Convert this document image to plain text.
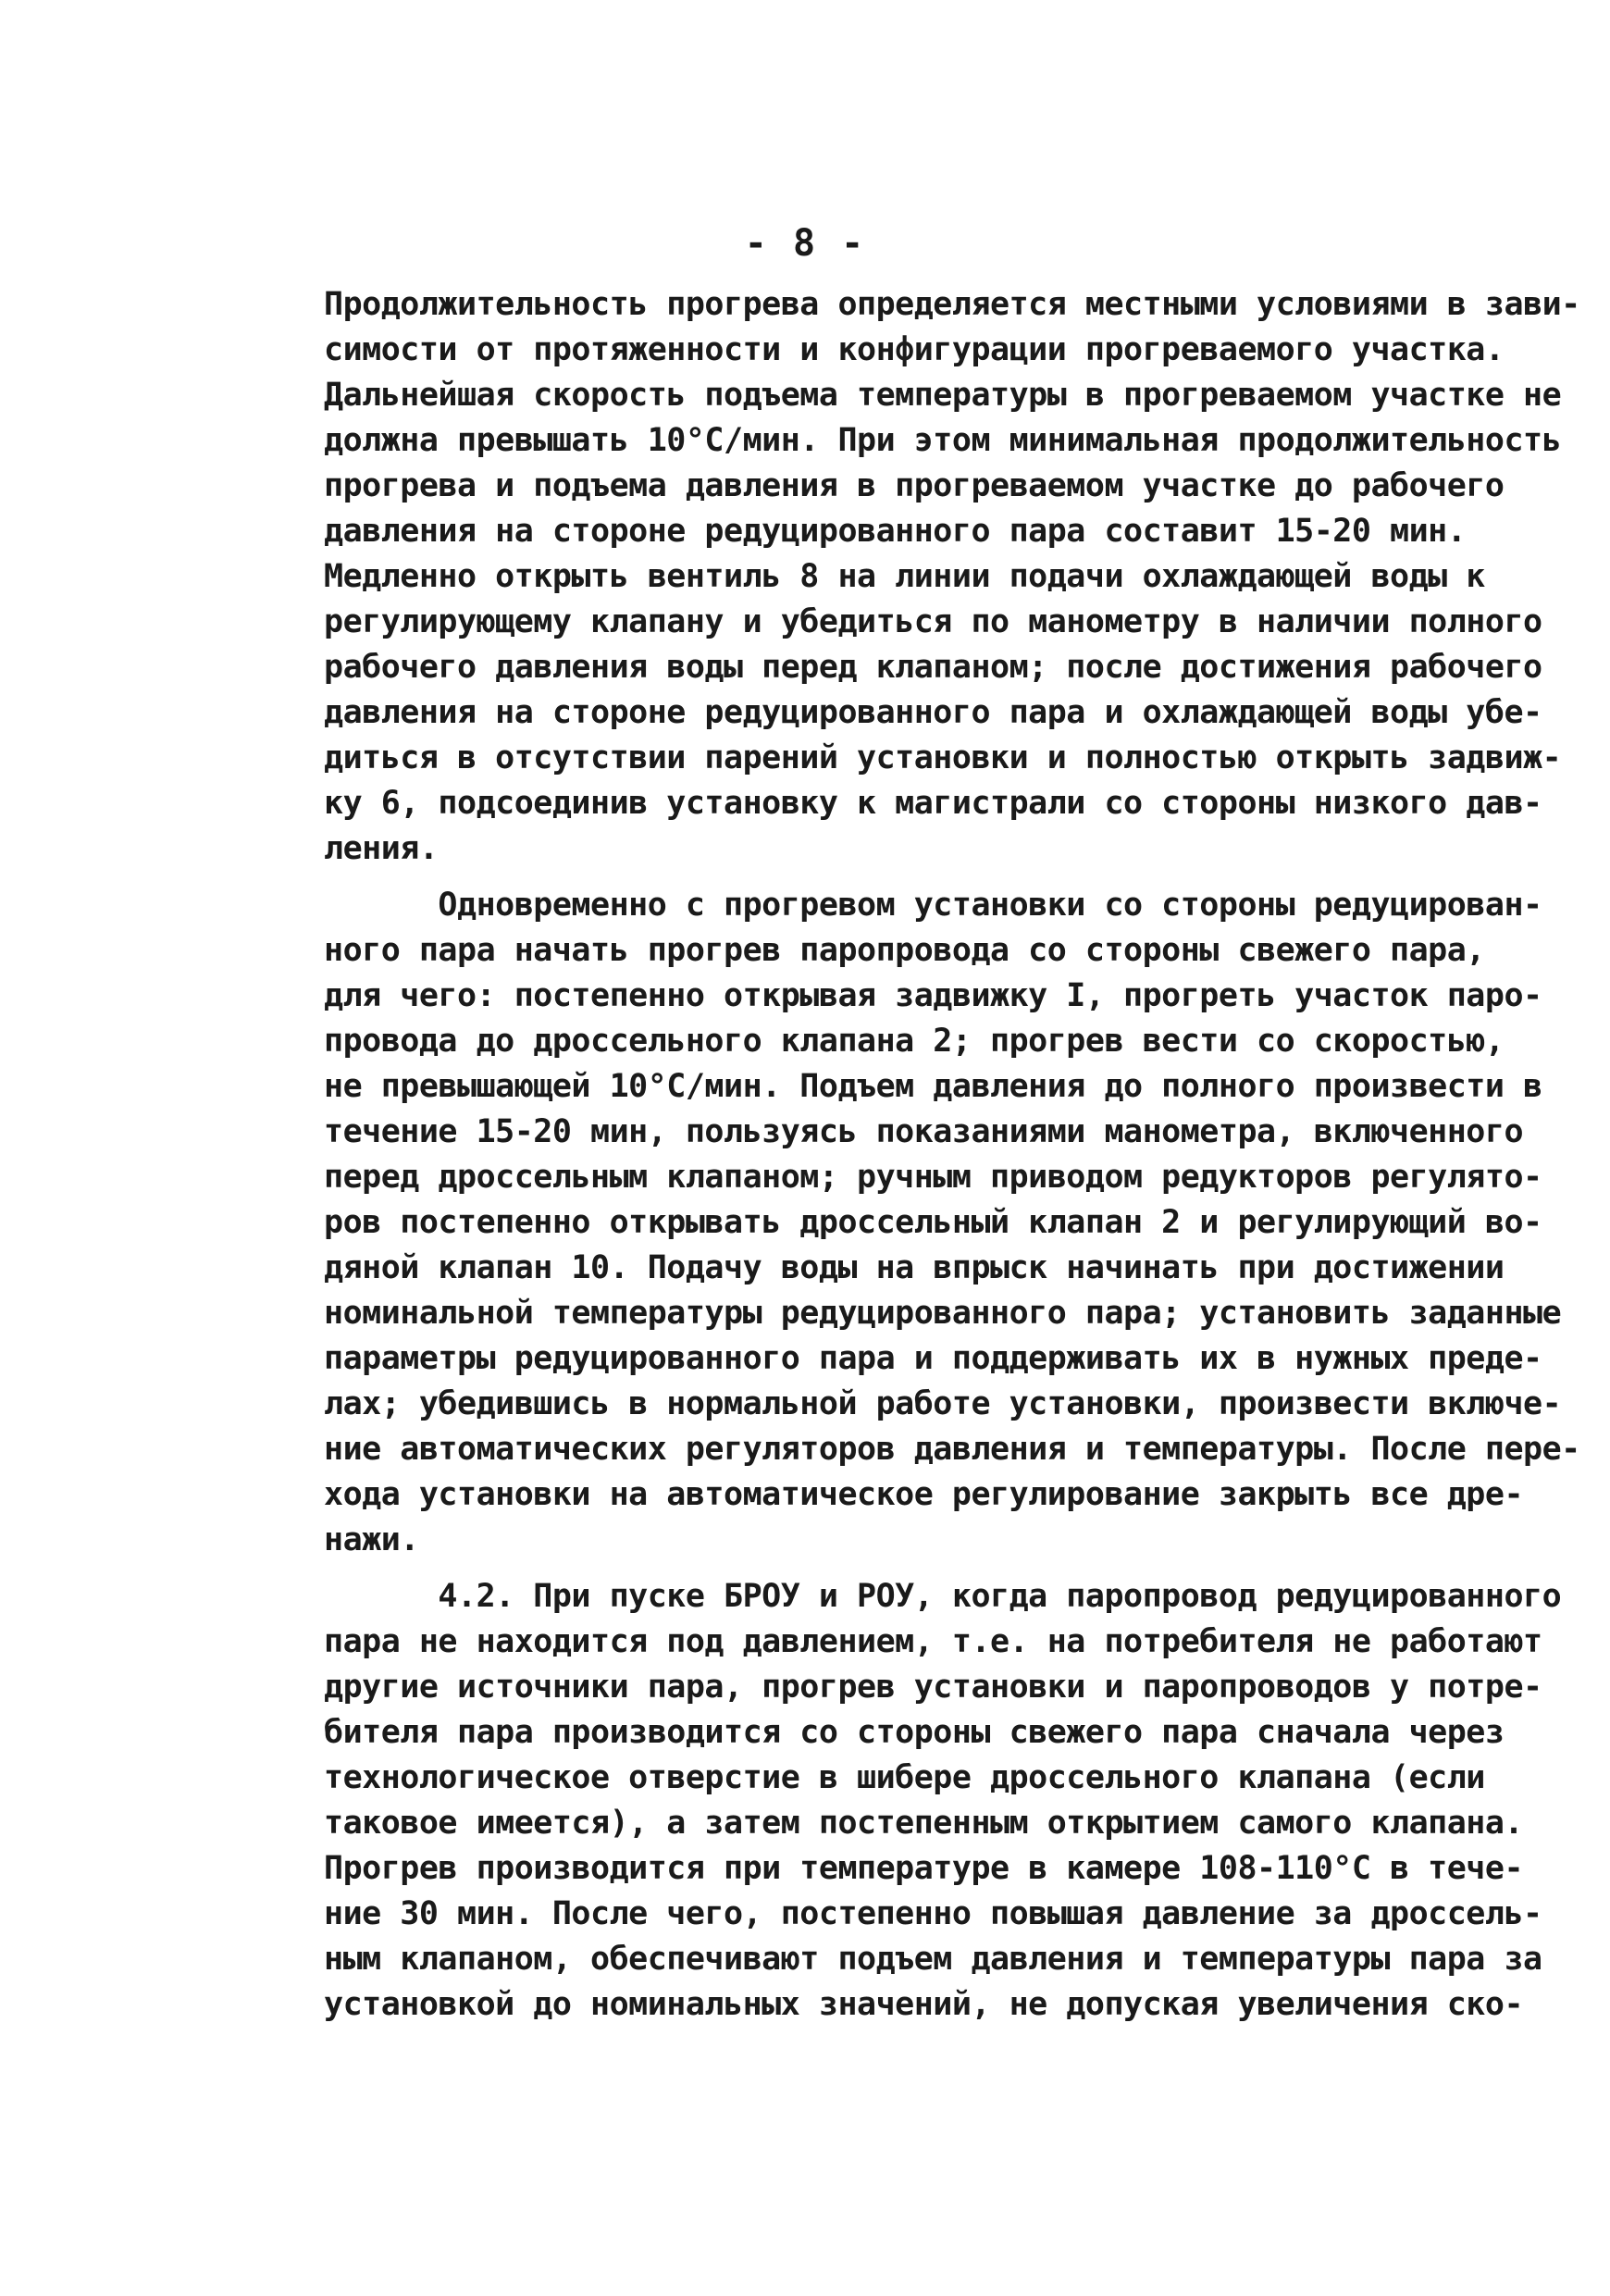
- 8 -
Продолжительность прогрева определяется местными условиями в зави-
симости от протяженности и конфигурации прогреваемого участка.
Дальнейшая скорость подъема температуры в прогреваемом участке не
должна превышать 10°С/мин. При этом минимальная продолжительность
прогрева и подъема давления в прогреваемом участке до рабочего
давления на стороне редуцированного пара составит 15-20 мин.
Медленно открыть вентиль 8 на линии подачи охлаждающей воды к
регулирующему клапану и убедиться по манометру в наличии полного
рабочего давления воды перед клапаном; после достижения рабочего
давления на стороне редуцированного пара и охлаждающей воды убе-
диться в отсутствии парений установки и полностью открыть задвиж-
ку 6, подсоединив установку к магистрали со стороны низкого дав-
ления.
Одновременно с прогревом установки со стороны редуцирован-
ного пара начать прогрев паропровода со стороны свежего пара,
для чего: постепенно открывая задвижку I, прогреть участок паро-
провода до дроссельного клапана 2; прогрев вести со скоростью,
не превышающей 10°С/мин. Подъем давления до полного произвести в
течение 15-20 мин, пользуясь показаниями манометра, включенного
перед дроссельным клапаном; ручным приводом редукторов регулято-
ров постепенно открывать дроссельный клапан 2 и регулирующий во-
дяной клапан 10. Подачу воды на впрыск начинать при достижении
номинальной температуры редуцированного пара; установить заданные
параметры редуцированного пара и поддерживать их в нужных преде-
лах; убедившись в нормальной работе установки, произвести включе-
ние автоматических регуляторов давления и температуры. После пере-
хода установки на автоматическое регулирование закрыть все дре-
нажи.
4.2. При пуске БРОУ и РОУ, когда паропровод редуцированного
пара не находится под давлением, т.е. на потребителя не работают
другие источники пара, прогрев установки и паропроводов у потре-
бителя пара производится со стороны свежего пара сначала через
технологическое отверстие в шибере дроссельного клапана (если
таковое имеется), а затем постепенным открытием самого клапана.
Прогрев производится при температуре в камере 108-110°С в тече-
ние 30 мин. После чего, постепенно повышая давление за дроссель-
ным клапаном, обеспечивают подъем давления и температуры пара за
установкой до номинальных значений, не допуская увеличения ско-
